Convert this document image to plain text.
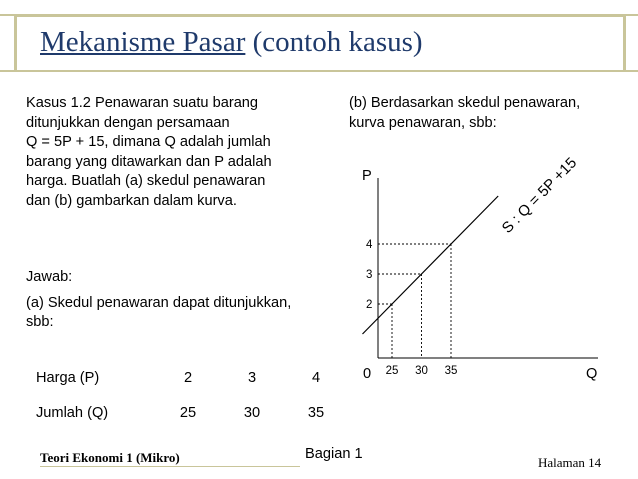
Mekanisme Pasar (contoh kasus)

Kasus 1.2 Penawaran suatu barang

ditunjukkan dengan persamaan

Q = 5P + 15, dimana Q adalah jumlah

barang yang ditawarkan dan P adalah

harga. Buatlah (a) skedul penawaran

dan (b) gambarkan dalam kurva.

Jawab:

(a) Skedul penawaran dapat ditunjukkan,
sbb:

Harga (P)	2	3	4
Jumlah (Q)	25	30	35

(b) Berdasarkan skedul penawaran,

kurva penawaran, sbb:

P
Q
0 25
2
30
3
35
4
S : Q = 5P +15
Teori Ekonomi 1 (Mikro)	Bagian 1
Halaman 14
